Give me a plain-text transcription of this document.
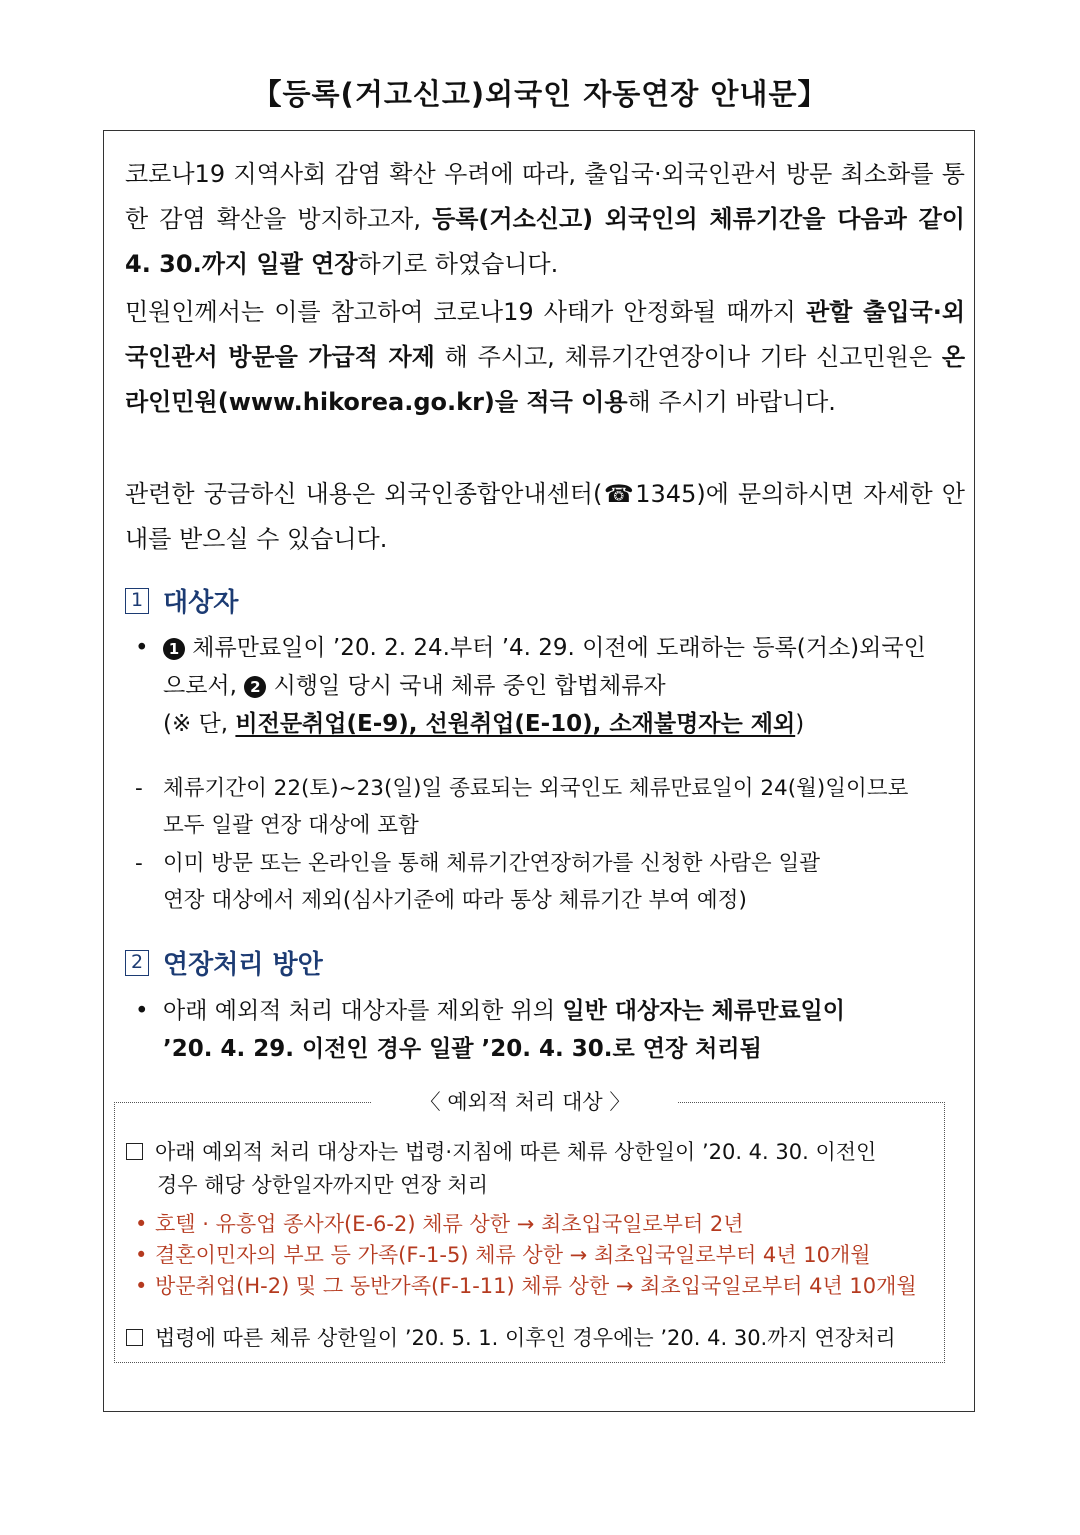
【등록(거고신고)외국인 자동연장 안내문】

코로나19 지역사회 감염 확산 우려에 따라, 출입국·외국인관서 방문 최소화를 통한 감염 확산을 방지하고자, 등록(거소신고) 외국인의 체류기간을 다음과 같이 4. 30.까지 일괄 연장하기로 하였습니다.

민원인께서는 이를 참고하여 코로나19 사태가 안정화될 때까지 관할 출입국·외국인관서 방문을 가급적 자제 해 주시고, 체류기간연장이나 기타 신고민원은 온라인민원(www.hikorea.go.kr)을 적극 이용해 주시기 바랍니다.

관련한 궁금하신 내용은 외국인종합안내센터(☎1345)에 문의하시면 자세한 안내를 받으실 수 있습니다.

1 대상자
• 1 체류만료일이 ’20. 2. 24.부터 ’4. 29. 이전에 도래하는 등록(거소)외국인
으로서, 2 시행일 당시 국내 체류 중인 합법체류자
(※ 단, 비전문취업(E-9), 선원취업(E-10), 소재불명자는 제외)
- 체류기간이 22(토)~23(일)일 종료되는 외국인도 체류만료일이 24(월)일이므로
모두 일괄 연장 대상에 포함
- 이미 방문 또는 온라인을 통해 체류기간연장허가를 신청한 사람은 일괄
연장 대상에서 제외(심사기준에 따라 통상 체류기간 부여 예정)
2 연장처리 방안
• 아래 예외적 처리 대상자를 제외한 위의 일반 대상자는 체류만료일이
’20. 4. 29. 이전인 경우 일괄 ’20. 4. 30.로 연장 처리됨
〈 예외적 처리 대상 〉
아래 예외적 처리 대상자는 법령·지침에 따른 체류 상한일이 ’20. 4. 30. 이전인
경우 해당 상한일자까지만 연장 처리
• 호텔 · 유흥업 종사자(E-6-2) 체류 상한 → 최초입국일로부터 2년
• 결혼이민자의 부모 등 가족(F-1-5) 체류 상한 → 최초입국일로부터 4년 10개월
• 방문취업(H-2) 및 그 동반가족(F-1-11) 체류 상한 → 최초입국일로부터 4년 10개월
법령에 따른 체류 상한일이 ’20. 5. 1. 이후인 경우에는 ’20. 4. 30.까지 연장처리
